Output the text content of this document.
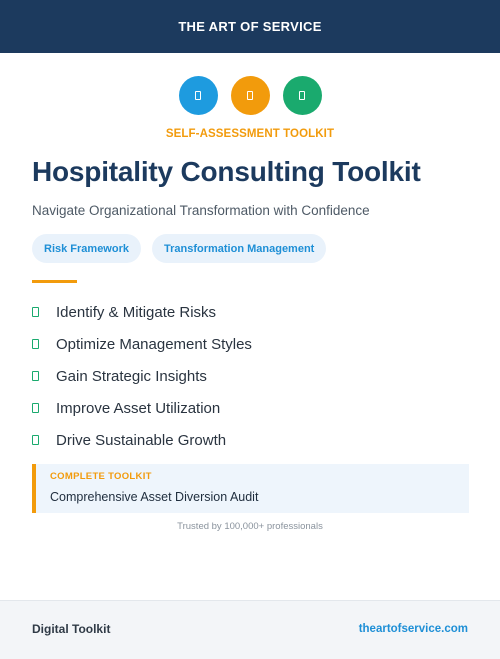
THE ART OF SERVICE
SELF-ASSESSMENT TOOLKIT
Hospitality Consulting Toolkit

Navigate Organizational Transformation with Confidence

Risk Framework	Transformation Management
Identify & Mitigate Risks
Optimize Management Styles
Gain Strategic Insights
Improve Asset Utilization
Drive Sustainable Growth
COMPLETE TOOLKIT
Comprehensive Asset Diversion Audit
Trusted by 100,000+ professionals
Digital Toolkit	theartofservice.com
